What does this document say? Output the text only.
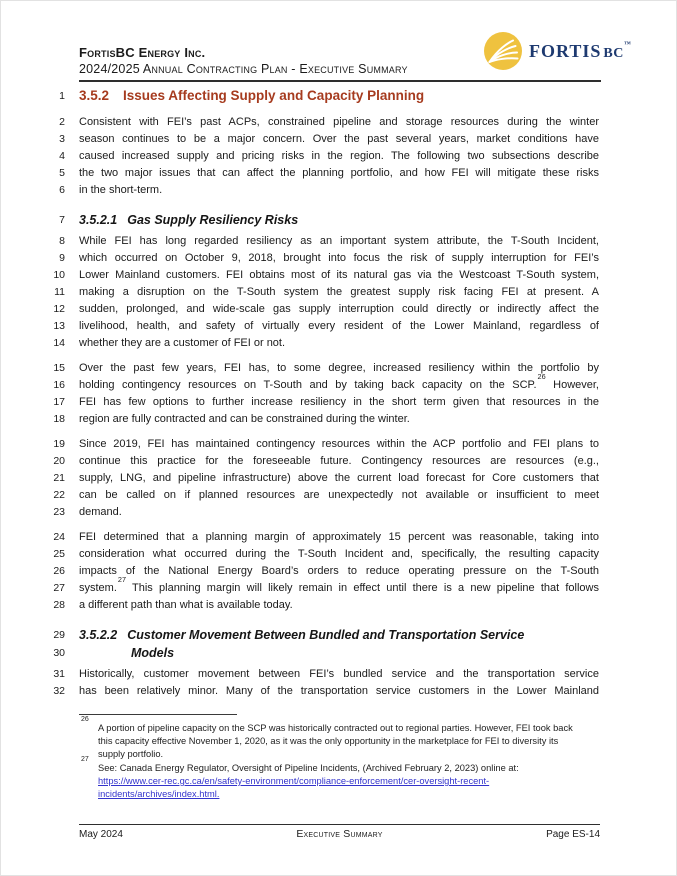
FortisBC Energy Inc.
2024/2025 Annual Contracting Plan - Executive Summary
FORTIS BC™
1 3.5.2 Issues Affecting Supply and Capacity Planning
2 Consistent with FEI’s past ACPs, constrained pipeline and storage resources during the winter
3 season continues to be a major concern. Over the past several years, market conditions have
4 caused increased supply and pricing risks in the region. The following two subsections describe
5 the two major issues that can affect the planning portfolio, and how FEI will mitigate these risks
6 in the short-term.
7 3.5.2.1 Gas Supply Resiliency Risks
8 While FEI has long regarded resiliency as an important system attribute, the T-South Incident,
9 which occurred on October 9, 2018, brought into focus the risk of supply interruption for FEI’s
10 Lower Mainland customers. FEI obtains most of its natural gas via the Westcoast T-South system,
11 making a disruption on the T-South system the greatest supply risk facing FEI at present. A
12 sudden, prolonged, and wide-scale gas supply interruption could directly or indirectly affect the
13 livelihood, health, and safety of virtually every resident of the Lower Mainland, regardless of
14 whether they are a customer of FEI or not.
15 Over the past few years, FEI has, to some degree, increased resiliency within the portfolio by
16 holding contingency resources on T-South and by taking back capacity on the SCP.$^{26}$ However,
17 FEI has few options to further increase resiliency in the short term given that resources in the
18 region are fully contracted and can be constrained during the winter.
19 Since 2019, FEI has maintained contingency resources within the ACP portfolio and FEI plans to
20 continue this practice for the foreseeable future. Contingency resources are resources (e.g.,
21 supply, LNG, and pipeline infrastructure) above the current load forecast for Core customers that
22 can be called on if planned resources are unexpectedly not available or insufficient to meet
23 demand.
24 FEI determined that a planning margin of approximately 15 percent was reasonable, taking into
25 consideration what occurred during the T-South Incident and, specifically, the resulting capacity
26 impacts of the National Energy Board’s orders to reduce operating pressure on the T-South
27 system.$^{27}$ This planning margin will likely remain in effect until there is a new pipeline that follows
28 a different path than what is available today.
29 3.5.2.2 Customer Movement Between Bundled and Transportation Service
30	Models
31 Historically, customer movement between FEI’s bundled service and the transportation service
32 has been relatively minor. Many of the transportation service customers in the Lower Mainland
26
A portion of pipeline capacity on the SCP was historically contracted out to regional parties. However, FEI took back
this capacity effective November 1, 2020, as it was the only opportunity in the marketplace for FEI to diversity its
supply portfolio.
27
See: Canada Energy Regulator, Oversight of Pipeline Incidents, (Archived February 2, 2023) online at:
https://www.cer-rec.gc.ca/en/safety-environment/compliance-enforcement/cer-oversight-recent-
incidents/archives/index.html.
May 2024	Executive Summary	Page ES-14
